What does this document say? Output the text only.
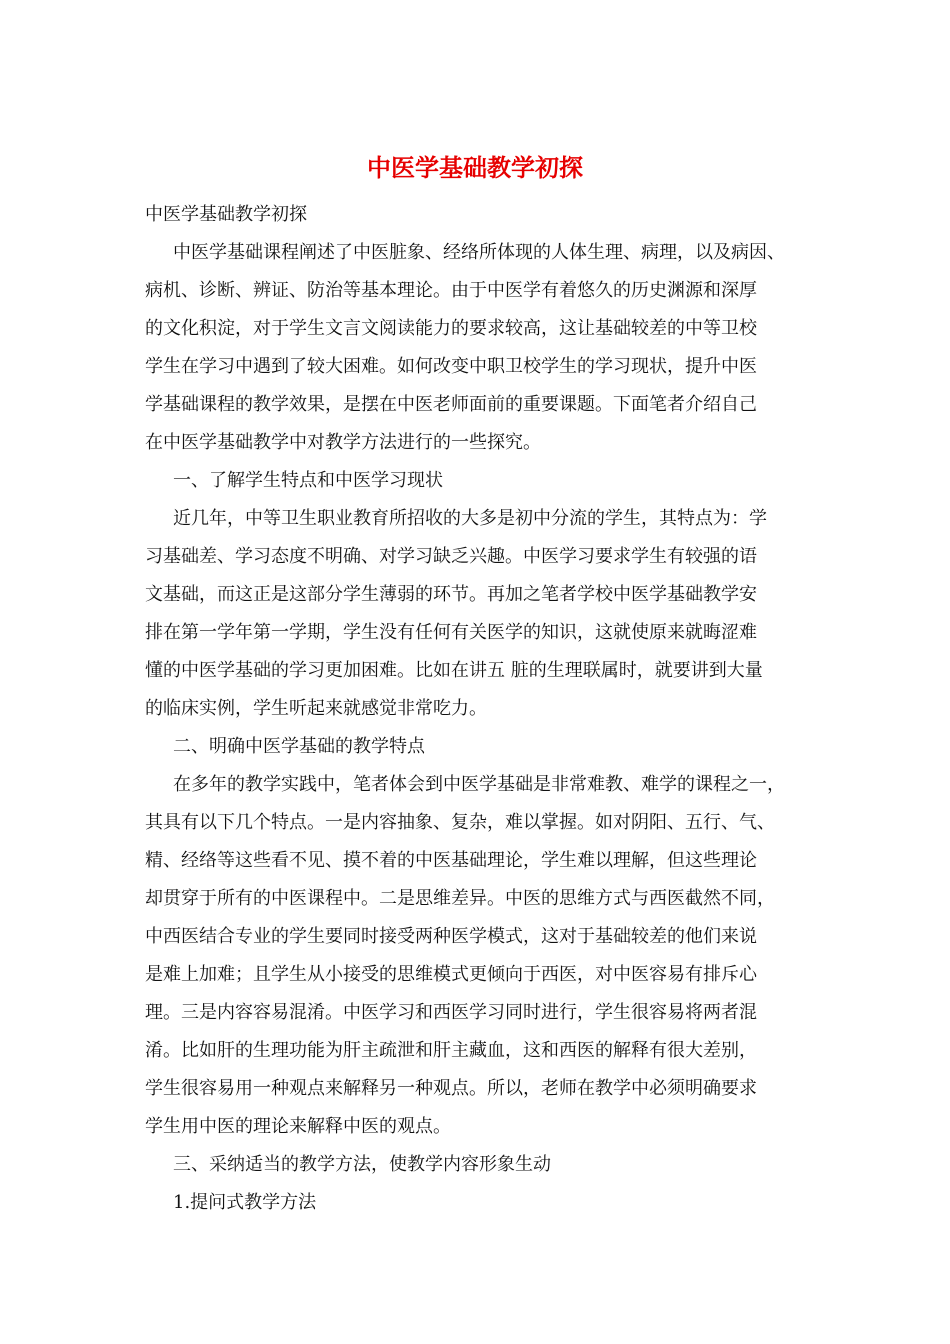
中医学基础教学初探

中医学基础教学初探

中医学基础课程阐述了中医脏象、经络所体现的人体生理、病理，以及病因、

病机、诊断、辨证、防治等基本理论。由于中医学有着悠久的历史渊源和深厚

的文化积淀，对于学生文言文阅读能力的要求较高，这让基础较差的中等卫校

学生在学习中遇到了较大困难。如何改变中职卫校学生的学习现状，提升中医

学基础课程的教学效果，是摆在中医老师面前的重要课题。下面笔者介绍自己

在中医学基础教学中对教学方法进行的一些探究。

一、了解学生特点和中医学习现状

近几年，中等卫生职业教育所招收的大多是初中分流的学生，其特点为：学

习基础差、学习态度不明确、对学习缺乏兴趣。中医学习要求学生有较强的语

文基础，而这正是这部分学生薄弱的环节。再加之笔者学校中医学基础教学安

排在第一学年第一学期，学生没有任何有关医学的知识，这就使原来就晦涩难

懂的中医学基础的学习更加困难。比如在讲五 脏的生理联属时，就要讲到大量

的临床实例，学生听起来就感觉非常吃力。

二、明确中医学基础的教学特点

在多年的教学实践中，笔者体会到中医学基础是非常难教、难学的课程之一，

其具有以下几个特点。一是内容抽象、复杂，难以掌握。如对阴阳、五行、气、

精、经络等这些看不见、摸不着的中医基础理论，学生难以理解，但这些理论

却贯穿于所有的中医课程中。二是思维差异。中医的思维方式与西医截然不同，

中西医结合专业的学生要同时接受两种医学模式，这对于基础较差的他们来说

是难上加难；且学生从小接受的思维模式更倾向于西医，对中医容易有排斥心

理。三是内容容易混淆。中医学习和西医学习同时进行，学生很容易将两者混

淆。比如肝的生理功能为肝主疏泄和肝主藏血，这和西医的解释有很大差别，

学生很容易用一种观点来解释另一种观点。所以，老师在教学中必须明确要求

学生用中医的理论来解释中医的观点。

三、采纳适当的教学方法，使教学内容形象生动

1.提问式教学方法
